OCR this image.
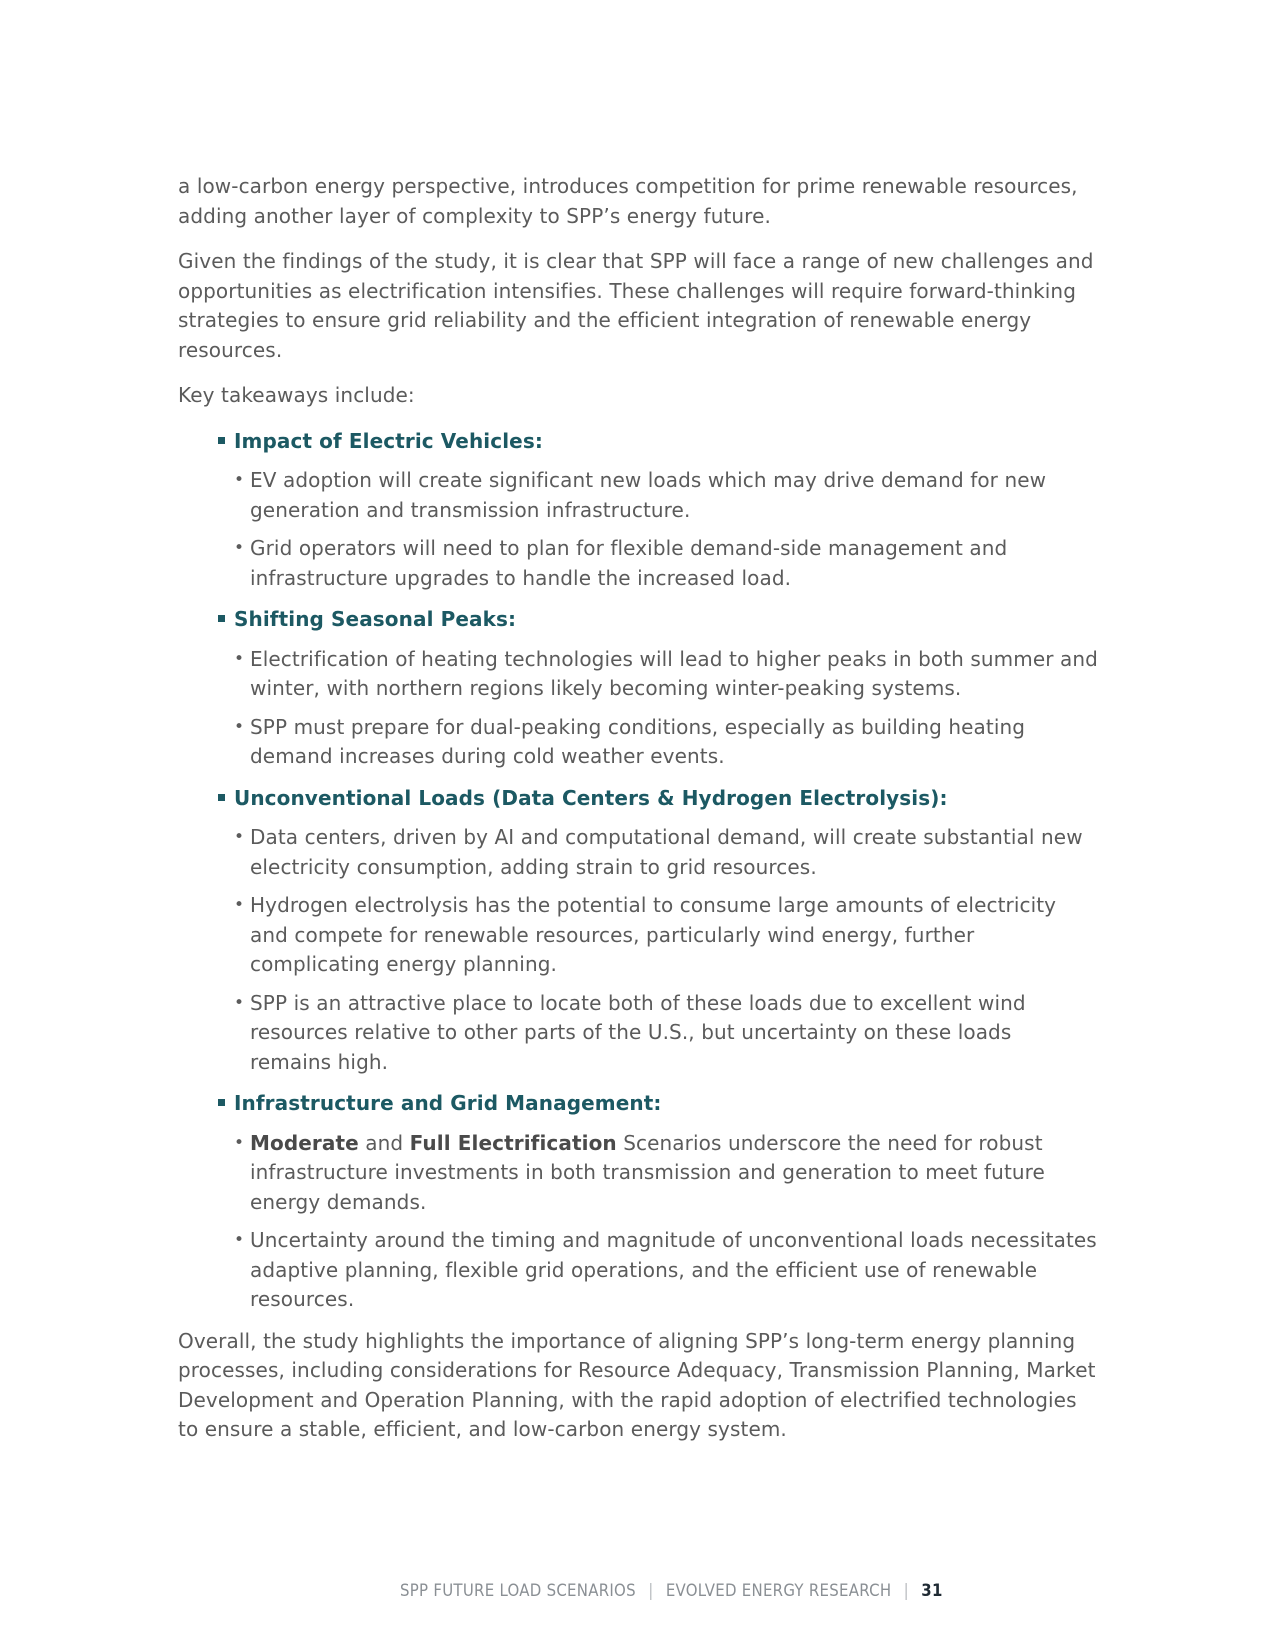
a low-carbon energy perspective, introduces competition for prime renewable resources, adding another layer of complexity to SPP’s energy future.

Given the findings of the study, it is clear that SPP will face a range of new challenges and opportunities as electrification intensifies. These challenges will require forward-thinking strategies to ensure grid reliability and the efficient integration of renewable energy resources.

Key takeaways include:

Impact of Electric Vehicles:
• EV adoption will create significant new loads which may drive demand for new generation and transmission infrastructure.
• Grid operators will need to plan for flexible demand-side management and infrastructure upgrades to handle the increased load.
Shifting Seasonal Peaks:
• Electrification of heating technologies will lead to higher peaks in both summer and winter, with northern regions likely becoming winter-peaking systems.
• SPP must prepare for dual-peaking conditions, especially as building heating demand increases during cold weather events.
Unconventional Loads (Data Centers & Hydrogen Electrolysis):
• Data centers, driven by AI and computational demand, will create substantial new electricity consumption, adding strain to grid resources.
• Hydrogen electrolysis has the potential to consume large amounts of electricity and compete for renewable resources, particularly wind energy, further complicating energy planning.
• SPP is an attractive place to locate both of these loads due to excellent wind resources relative to other parts of the U.S., but uncertainty on these loads remains high.
Infrastructure and Grid Management:
• Moderate and Full Electrification Scenarios underscore the need for robust infrastructure investments in both transmission and generation to meet future energy demands.
• Uncertainty around the timing and magnitude of unconventional loads necessitates adaptive planning, flexible grid operations, and the efficient use of renewable resources.

Overall, the study highlights the importance of aligning SPP’s long-term energy planning processes, including considerations for Resource Adequacy, Transmission Planning, Market Development and Operation Planning, with the rapid adoption of electrified technologies to ensure a stable, efficient, and low-carbon energy system.

SPP FUTURE LOAD SCENARIOS | EVOLVED ENERGY RESEARCH | 31
